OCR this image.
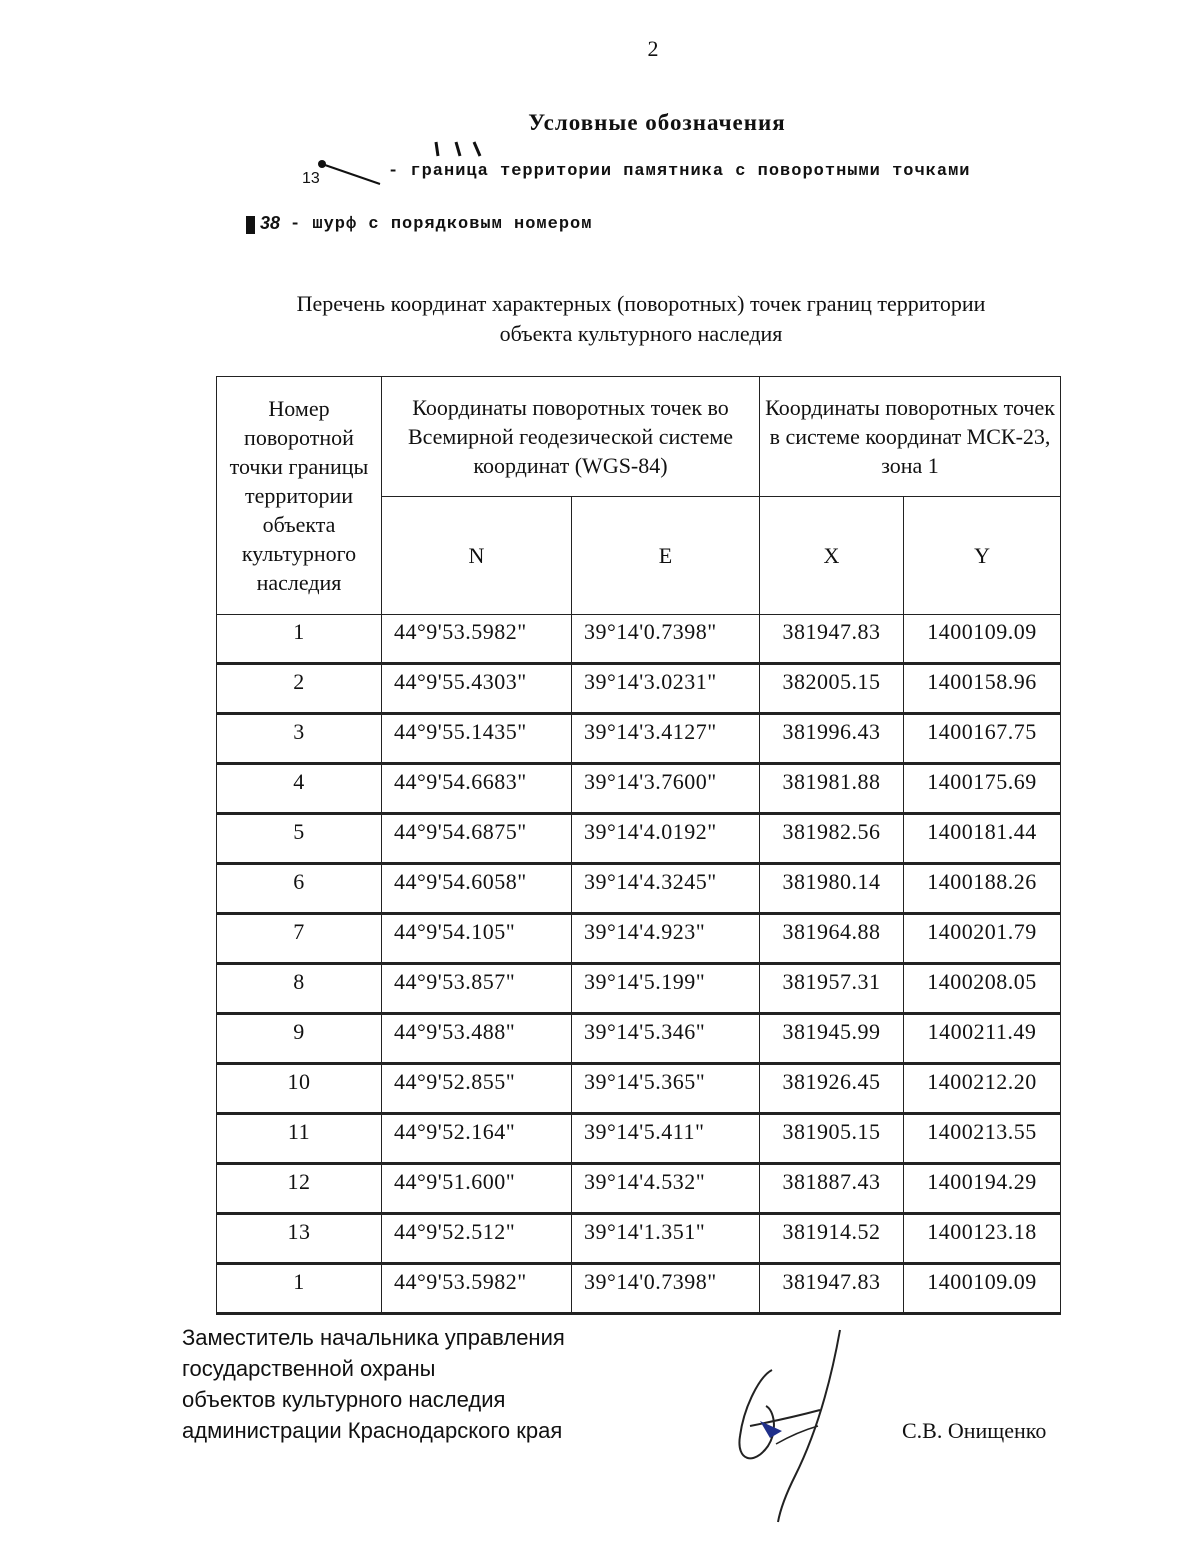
2
Условные обозначения
13	- граница территории памятника с поворотными точками
38 - шурф с порядковым номером
Перечень координат характерных (поворотных) точек границ территории
объекта культурного наследия
Номер поворотной точки границы территории объекта культурного наследия	Координаты поворотных точек во Всемирной геодезической системе координат (WGS-84)		Координаты поворотных точек в системе координат МСК-23, зона 1	
	N	E	X	Y
1	44°9'53.5982"	39°14'0.7398"	381947.83	1400109.09
2	44°9'55.4303"	39°14'3.0231"	382005.15	1400158.96
3	44°9'55.1435"	39°14'3.4127"	381996.43	1400167.75
4	44°9'54.6683"	39°14'3.7600"	381981.88	1400175.69
5	44°9'54.6875"	39°14'4.0192"	381982.56	1400181.44
6	44°9'54.6058"	39°14'4.3245"	381980.14	1400188.26
7	44°9'54.105"	39°14'4.923"	381964.88	1400201.79
8	44°9'53.857"	39°14'5.199"	381957.31	1400208.05
9	44°9'53.488"	39°14'5.346"	381945.99	1400211.49
10	44°9'52.855"	39°14'5.365"	381926.45	1400212.20
11	44°9'52.164"	39°14'5.411"	381905.15	1400213.55
12	44°9'51.600"	39°14'4.532"	381887.43	1400194.29
13	44°9'52.512"	39°14'1.351"	381914.52	1400123.18
1	44°9'53.5982"	39°14'0.7398"	381947.83	1400109.09
Заместитель начальника управления
государственной охраны
объектов культурного наследия
администрации Краснодарского края	С.В. Онищенко
